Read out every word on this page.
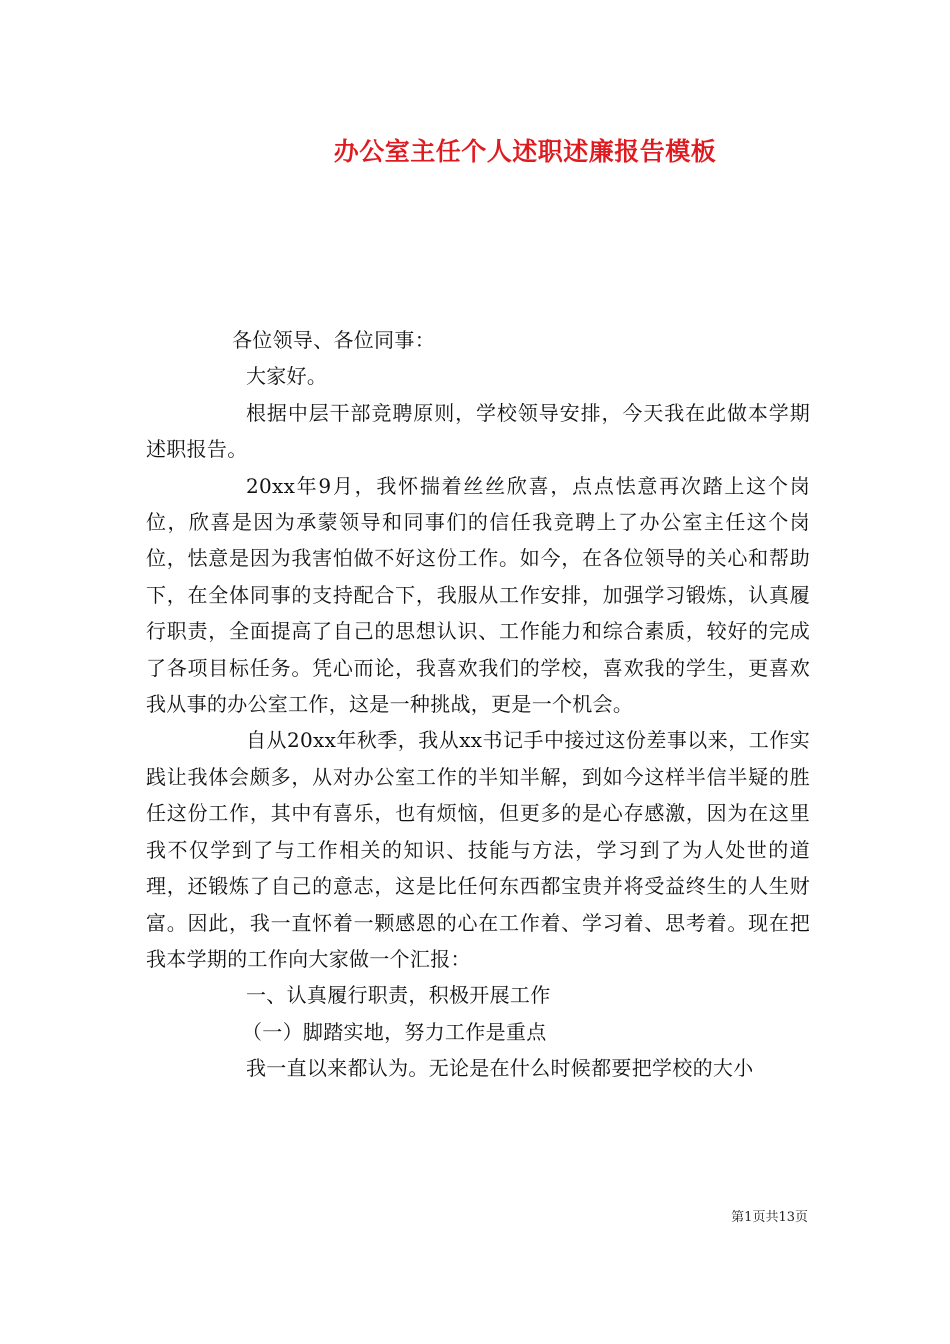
办公室主任个人述职述廉报告模板

各位领导、各位同事：

大家好。

根据中层干部竞聘原则，学校领导安排，今天我在此做本学期述职报告。

20xx年9月，我怀揣着丝丝欣喜，点点怯意再次踏上这个岗位，欣喜是因为承蒙领导和同事们的信任我竞聘上了办公室主任这个岗位，怯意是因为我害怕做不好这份工作。如今，在各位领导的关心和帮助下，在全体同事的支持配合下，我服从工作安排，加强学习锻炼，认真履行职责，全面提高了自己的思想认识、工作能力和综合素质，较好的完成了各项目标任务。凭心而论，我喜欢我们的学校，喜欢我的学生，更喜欢我从事的办公室工作，这是一种挑战，更是一个机会。

自从20xx年秋季，我从xx书记手中接过这份差事以来，工作实践让我体会颇多，从对办公室工作的半知半解，到如今这样半信半疑的胜任这份工作，其中有喜乐，也有烦恼，但更多的是心存感激，因为在这里我不仅学到了与工作相关的知识、技能与方法，学习到了为人处世的道理，还锻炼了自己的意志，这是比任何东西都宝贵并将受益终生的人生财富。因此，我一直怀着一颗感恩的心在工作着、学习着、思考着。现在把我本学期的工作向大家做一个汇报：

一、认真履行职责，积极开展工作

（一）脚踏实地，努力工作是重点

我一直以来都认为。无论是在什么时候都要把学校的大小

第1页共13页
